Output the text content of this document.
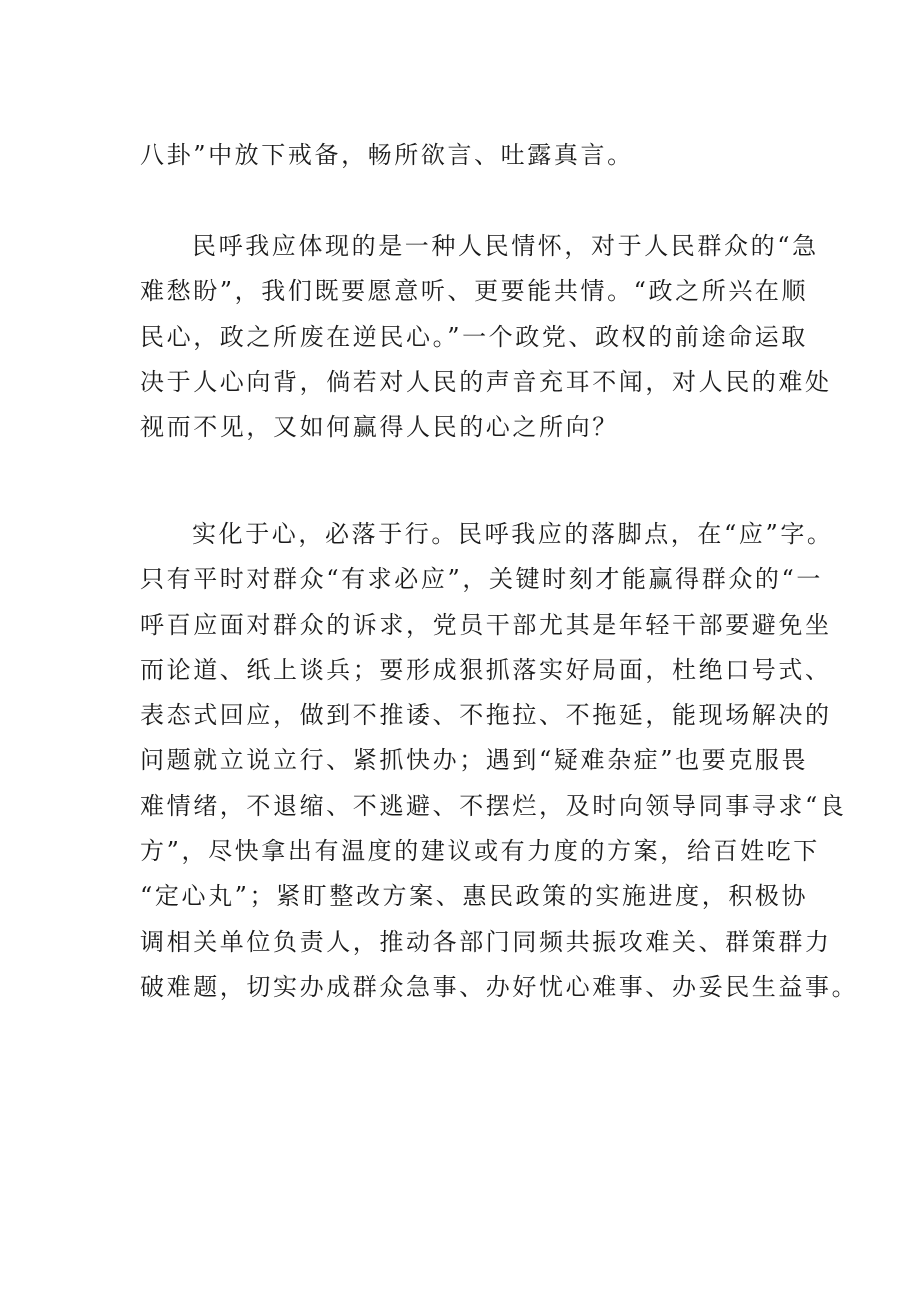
八卦”中放下戒备，畅所欲言、吐露真言。
民呼我应体现的是一种人民情怀，对于人民群众的“急
难愁盼”，我们既要愿意听、更要能共情。“政之所兴在顺
民心，政之所废在逆民心。”一个政党、政权的前途命运取
决于人心向背，倘若对人民的声音充耳不闻，对人民的难处
视而不见，又如何赢得人民的心之所向？
实化于心，必落于行。民呼我应的落脚点，在“应”字。
只有平时对群众“有求必应”，关键时刻才能赢得群众的“一
呼百应面对群众的诉求，党员干部尤其是年轻干部要避免坐
而论道、纸上谈兵；要形成狠抓落实好局面，杜绝口号式、
表态式回应，做到不推诿、不拖拉、不拖延，能现场解决的
问题就立说立行、紧抓快办；遇到“疑难杂症”也要克服畏
难情绪，不退缩、不逃避、不摆烂，及时向领导同事寻求“良
方”，尽快拿出有温度的建议或有力度的方案，给百姓吃下
“定心丸”；紧盯整改方案、惠民政策的实施进度，积极协
调相关单位负责人，推动各部门同频共振攻难关、群策群力
破难题，切实办成群众急事、办好忧心难事、办妥民生益事。
